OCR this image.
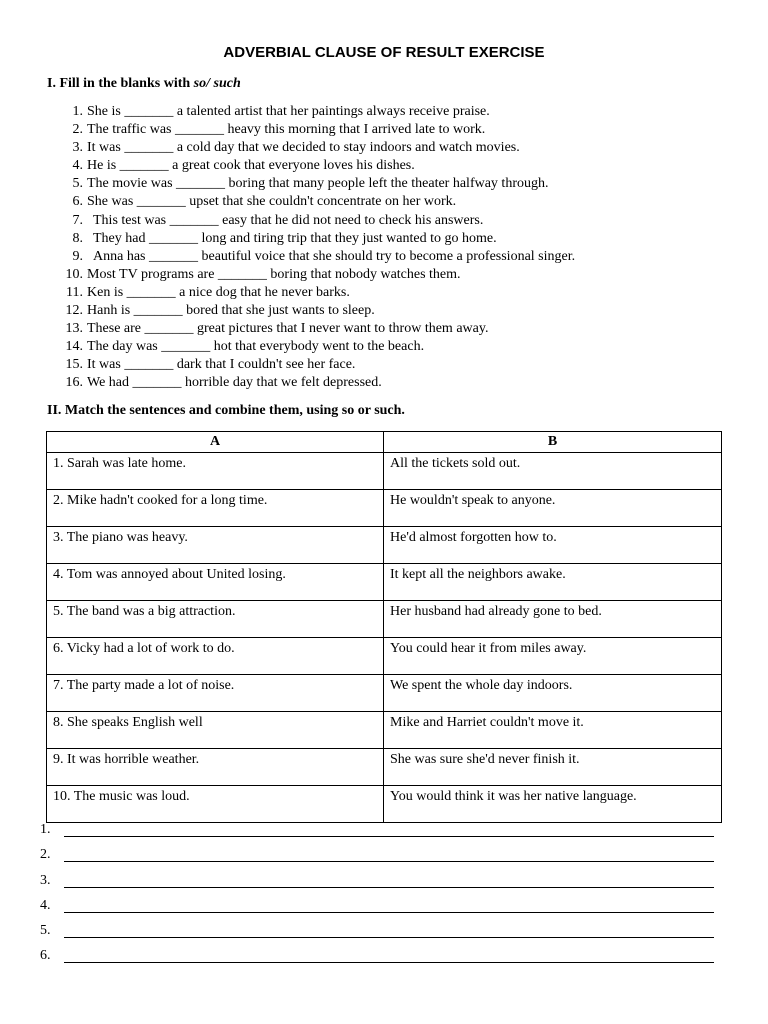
ADVERBIAL CLAUSE OF RESULT EXERCISE
I. Fill in the blanks with so/ such
1. She is _______ a talented artist that her paintings always receive praise.
2. The traffic was _______ heavy this morning that I arrived late to work.
3. It was _______ a cold day that we decided to stay indoors and watch movies.
4. He is _______ a great cook that everyone loves his dishes.
5. The movie was _______ boring that many people left the theater halfway through.
6. She was _______ upset that she couldn't concentrate on her work.
7. This test was _______ easy that he did not need to check his answers.
8. They had _______ long and tiring trip that they just wanted to go home.
9. Anna has _______ beautiful voice that she should try to become a professional singer.
10. Most TV programs are _______ boring that nobody watches them.
11. Ken is _______ a nice dog that he never barks.
12. Hanh is _______ bored that she just wants to sleep.
13. These are _______ great pictures that I never want to throw them away.
14. The day was _______ hot that everybody went to the beach.
15. It was _______ dark that I couldn't see her face.
16. We had _______ horrible day that we felt depressed.
II. Match the sentences and combine them, using so or such.
A	B
1. Sarah was late home.	All the tickets sold out.
2. Mike hadn't cooked for a long time.	He wouldn't speak to anyone.
3. The piano was heavy.	He'd almost forgotten how to.
4. Tom was annoyed about United losing.	It kept all the neighbors awake.
5. The band was a big attraction.	Her husband had already gone to bed.
6. Vicky had a lot of work to do.	You could hear it from miles away.
7. The party made a lot of noise.	We spent the whole day indoors.
8. She speaks English well	Mike and Harriet couldn't move it.
9. It was horrible weather.	She was sure she'd never finish it.
10. The music was loud.	You would think it was her native language.
1.
2.
3.
4.
5.
6.
